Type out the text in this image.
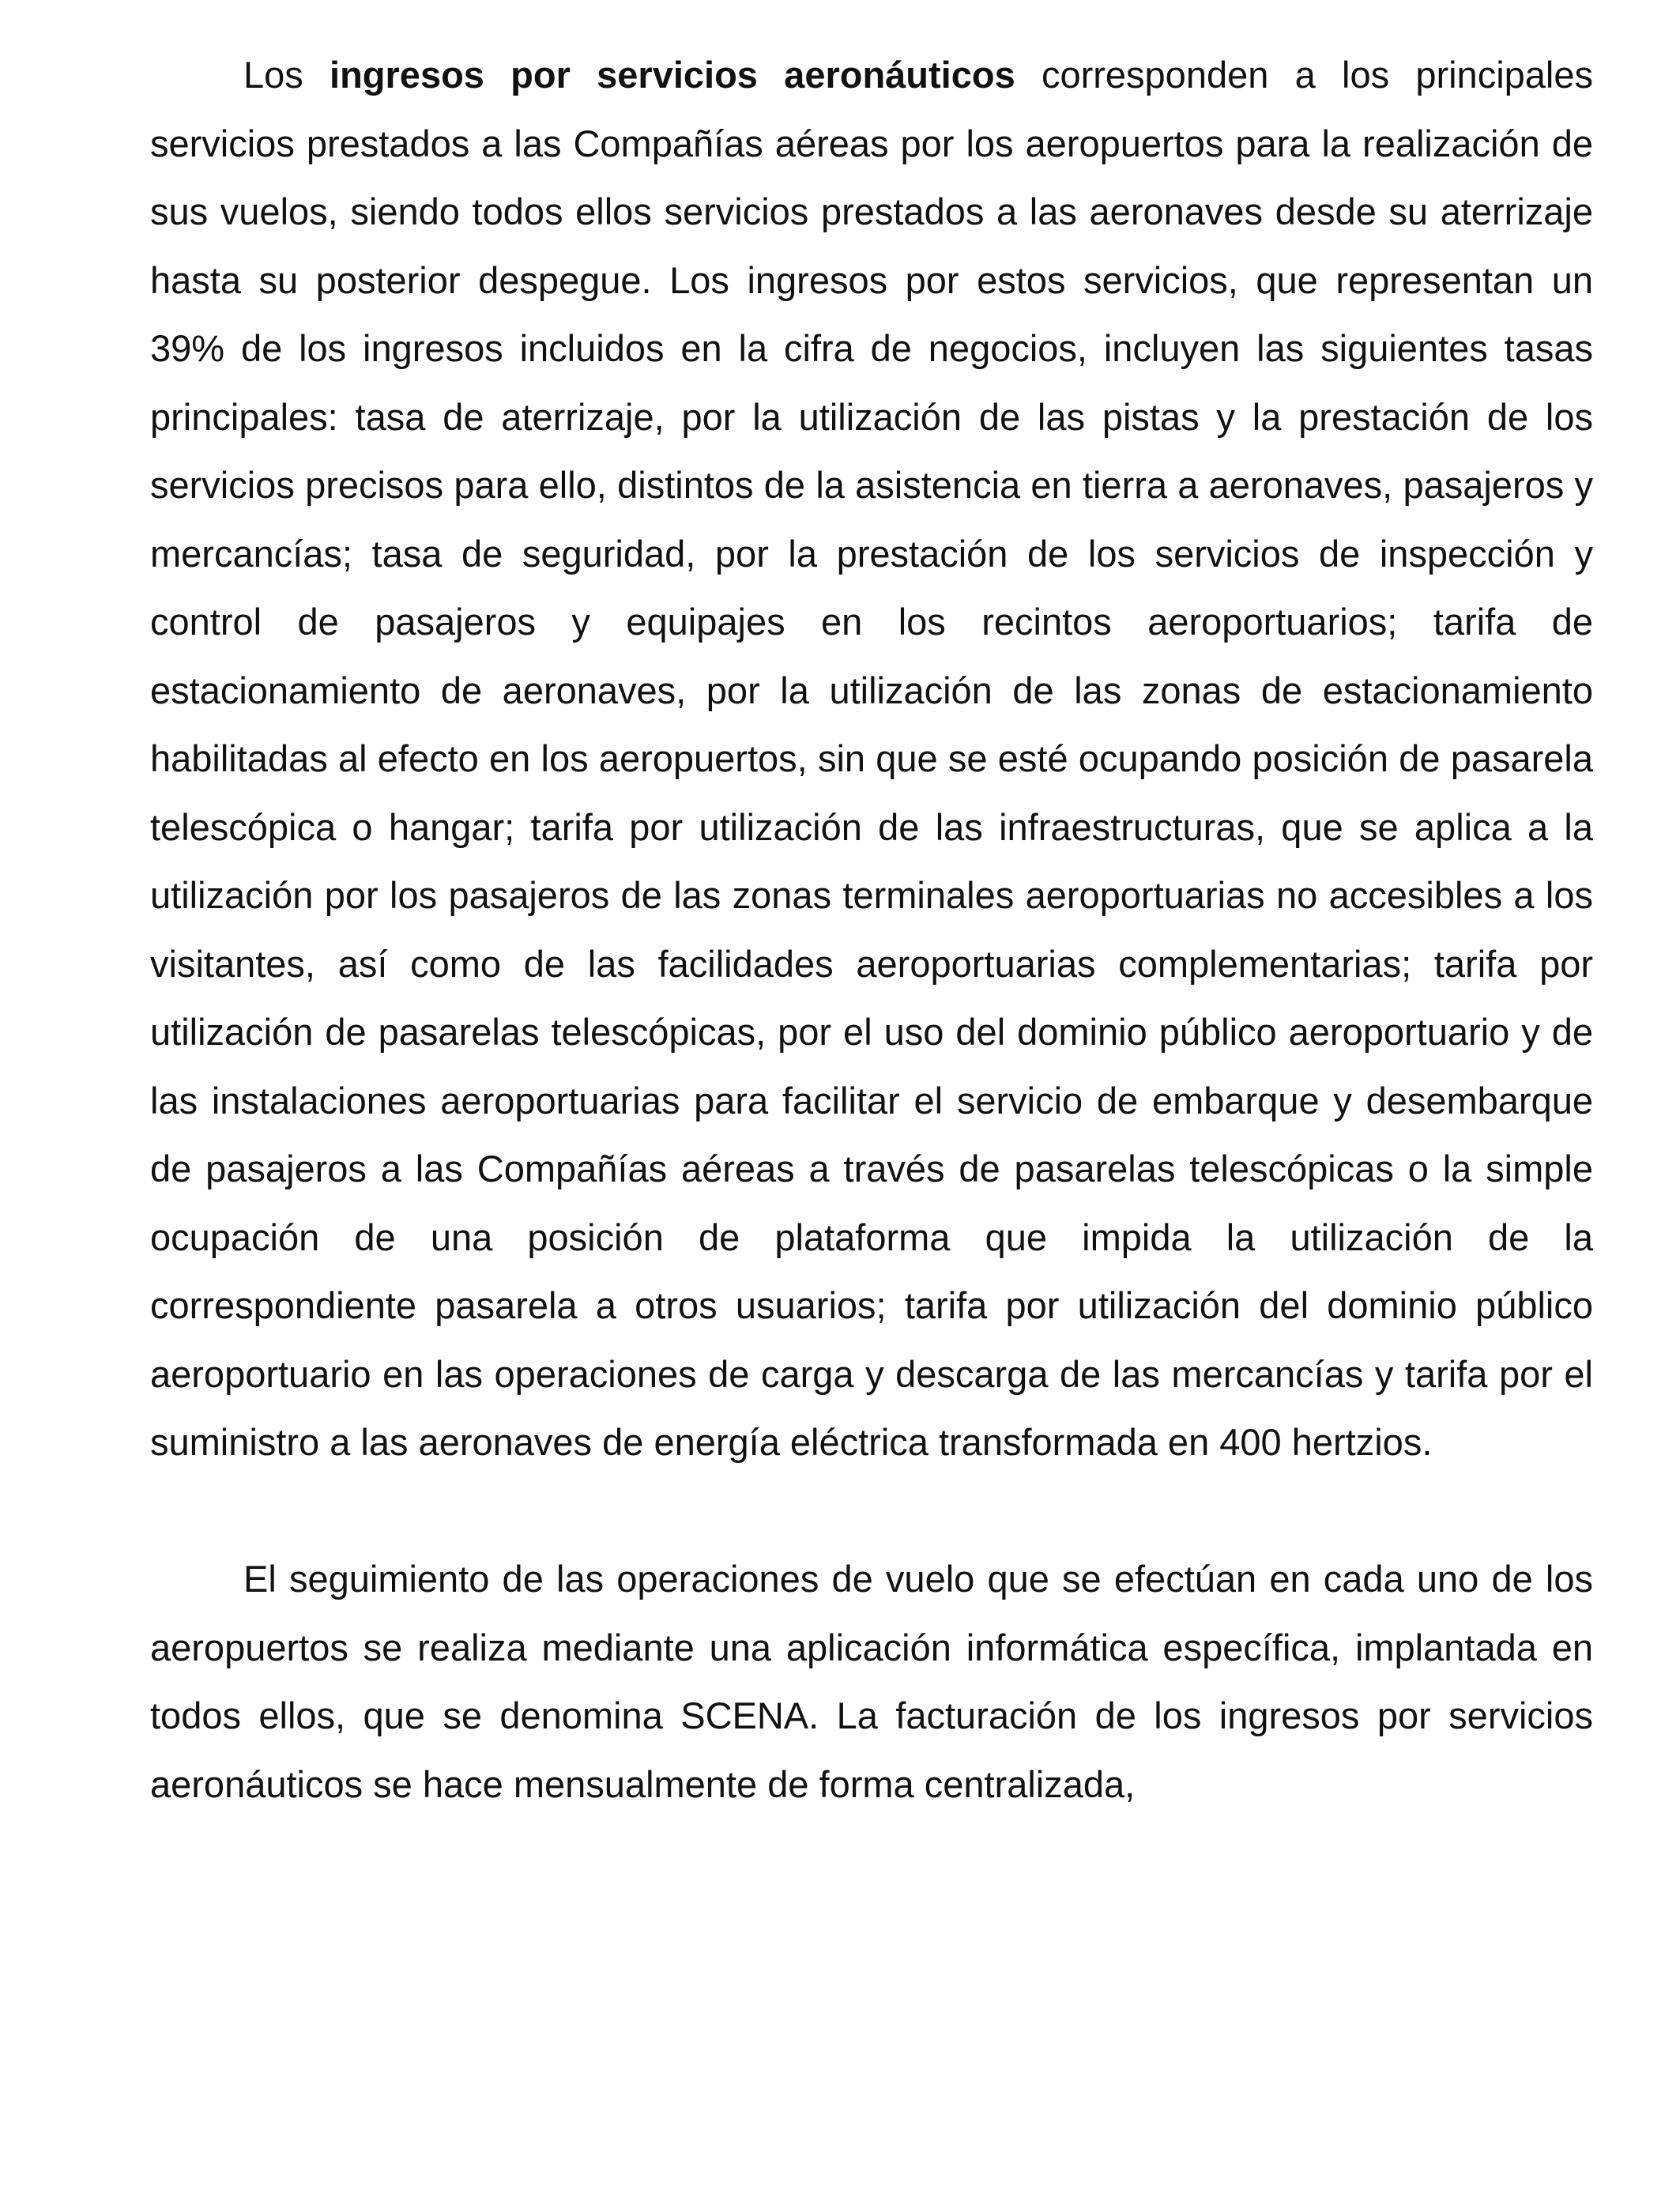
Los ingresos por servicios aeronáuticos corresponden a los principales servicios prestados a las Compañías aéreas por los aeropuertos para la realización de sus vuelos, siendo todos ellos servicios prestados a las aeronaves desde su aterrizaje hasta su posterior despegue. Los ingresos por estos servicios, que representan un 39% de los ingresos incluidos en la cifra de negocios, incluyen las siguientes tasas principales: tasa de aterrizaje, por la utilización de las pistas y la prestación de los servicios precisos para ello, distintos de la asistencia en tierra a aeronaves, pasajeros y mercancías; tasa de seguridad, por la prestación de los servicios de inspección y control de pasajeros y equipajes en los recintos aeroportuarios; tarifa de estacionamiento de aeronaves, por la utilización de las zonas de estacionamiento habilitadas al efecto en los aeropuertos, sin que se esté ocupando posición de pasarela telescópica o hangar; tarifa por utilización de las infraestructuras, que se aplica a la utilización por los pasajeros de las zonas terminales aeroportuarias no accesibles a los visitantes, así como de las facilidades aeroportuarias complementarias; tarifa por utilización de pasarelas telescópicas, por el uso del dominio público aeroportuario y de las instalaciones aeroportuarias para facilitar el servicio de embarque y desembarque de pasajeros a las Compañías aéreas a través de pasarelas telescópicas o la simple ocupación de una posición de plataforma que impida la utilización de la correspondiente pasarela a otros usuarios; tarifa por utilización del dominio público aeroportuario en las operaciones de carga y descarga de las mercancías y tarifa por el suministro a las aeronaves de energía eléctrica transformada en 400 hertzios.

El seguimiento de las operaciones de vuelo que se efectúan en cada uno de los aeropuertos se realiza mediante una aplicación informática específica, implantada en todos ellos, que se denomina SCENA. La facturación de los ingresos por servicios aeronáuticos se hace mensualmente de forma centralizada,
